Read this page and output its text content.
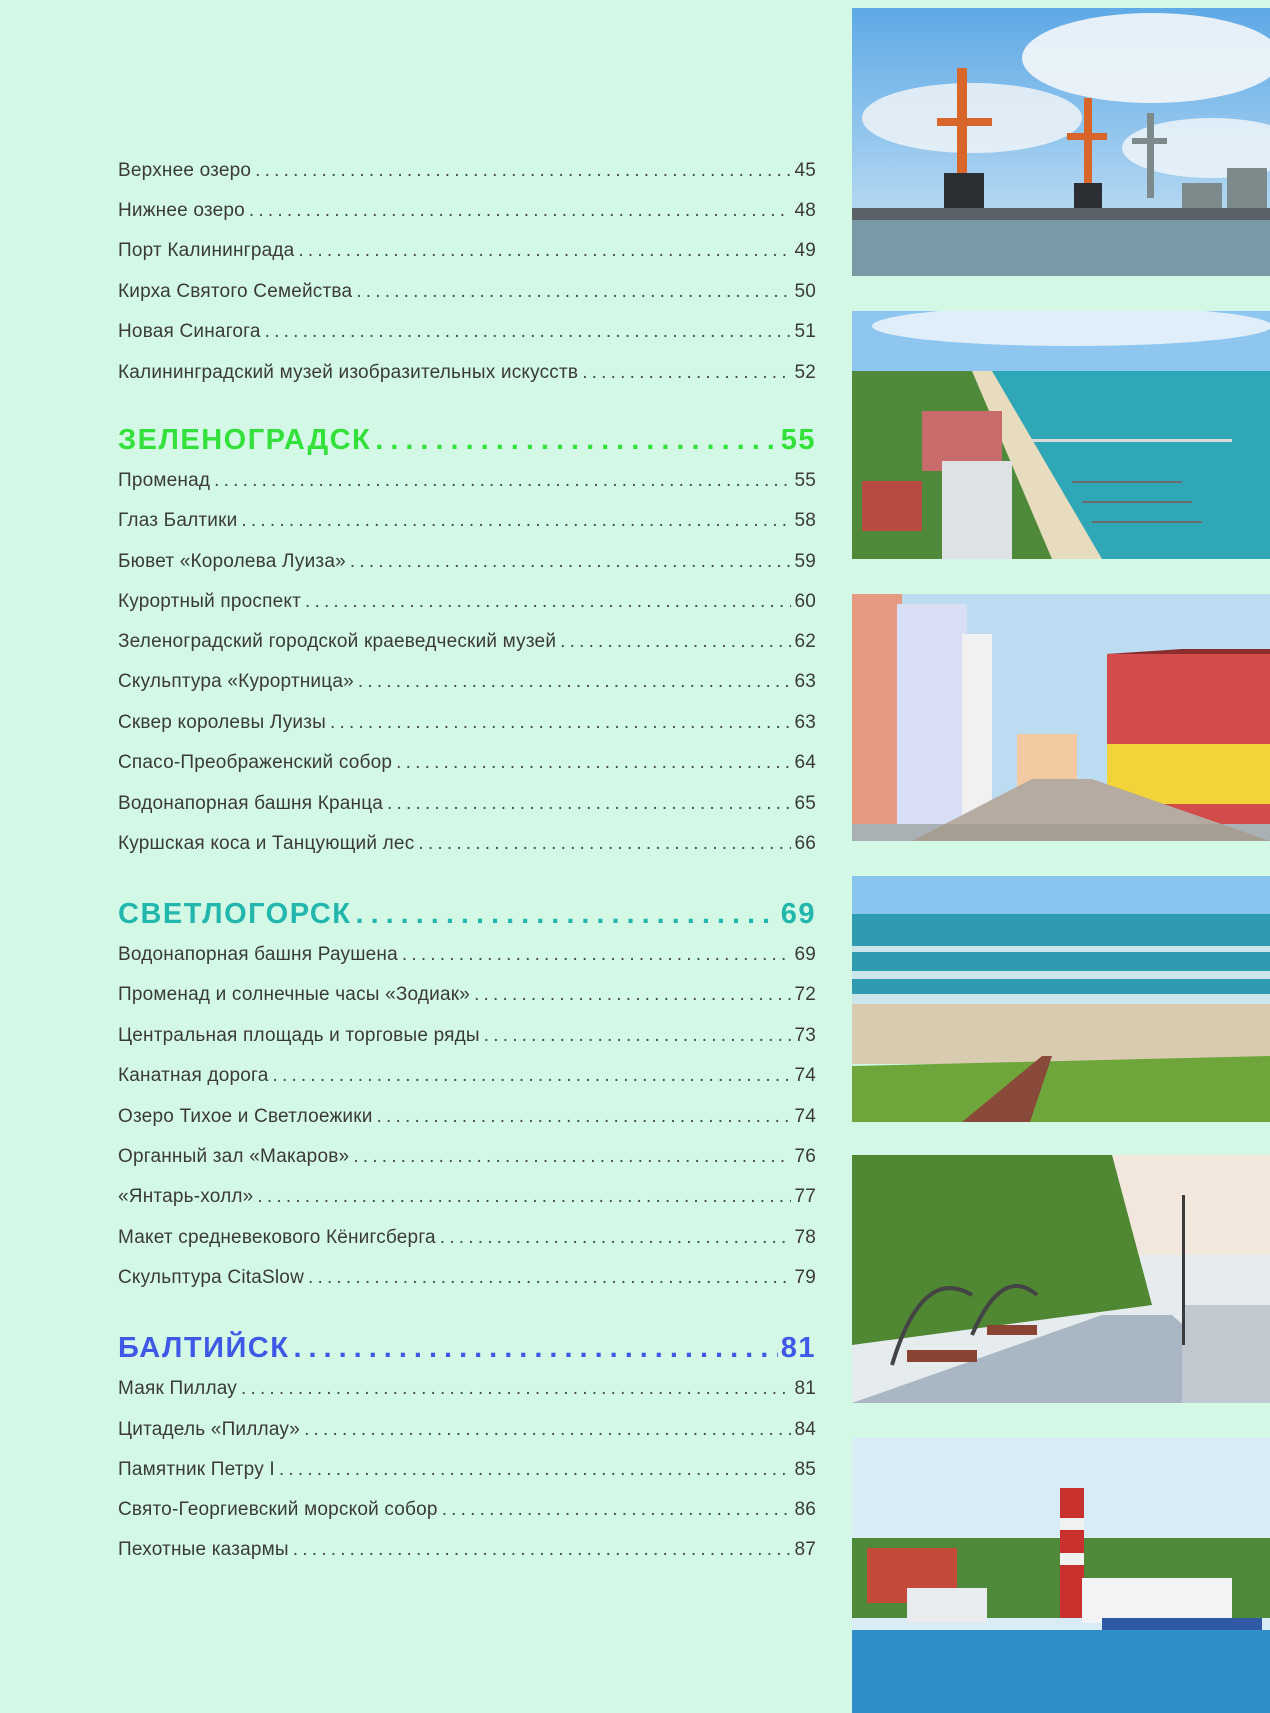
Верхнее озеро .....	45
Нижнее озеро .....	48
Порт Калининграда .....	49
Кирха Святого Семейства .....	50
Новая Синагога .....	51
Калининградский музей изобразительных искусств .....	52
ЗЕЛЕНОГРАДСК .....	55
Променад .....	55
Глаз Балтики .....	58
Бювет «Королева Луиза» .....	59
Курортный проспект .....	60
Зеленоградский городской краеведческий музей .....	62
Скульптура «Курортница» .....	63
Сквер королевы Луизы .....	63
Спасо-Преображенский собор .....	64
Водонапорная башня Кранца .....	65
Куршская коса и Танцующий лес .....	66
СВЕТЛОГОРСК .....	69
Водонапорная башня Раушена .....	69
Променад и солнечные часы «Зодиак» .....	72
Центральная площадь и торговые ряды .....	73
Канатная дорога .....	74
Озеро Тихое и Светлоежики .....	74
Органный зал «Макаров» .....	76
«Янтарь-холл» .....	77
Макет средневекового Кёнигсберга .....	78
Скульптура CitaSlow .....	79
БАЛТИЙСК .....	81
Маяк Пиллау .....	81
Цитадель «Пиллау» .....	84
Памятник Петру I .....	85
Свято-Георгиевский морской собор .....	86
Пехотные казармы .....	87
